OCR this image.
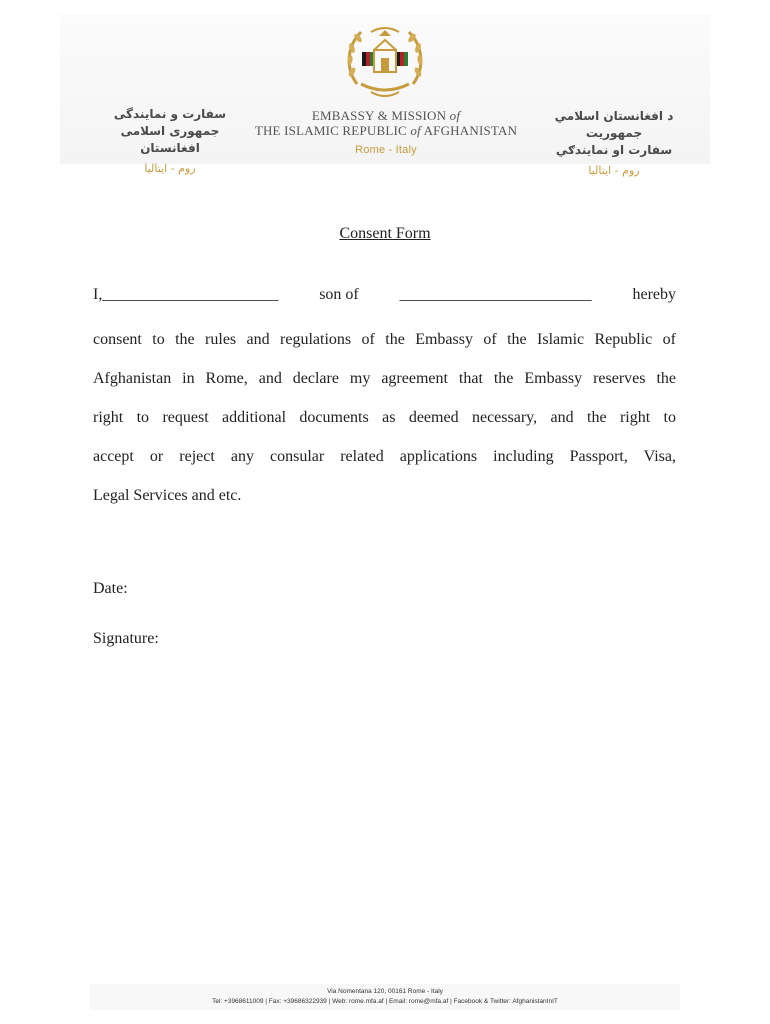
سفارت و نمایندگی
جمهوری اسلامی افغانستان
روم - ایتالیا
EMBASSY & MISSION of
THE ISLAMIC REPUBLIC of AFGHANISTAN
Rome - Italy
د افغانستان اسلامي جمهوریت
سفارت او نمایندګي
روم - ایتالیا
Consent Form
I,______________________	son of	________________________	hereby
consent to the rules and regulations of the Embassy of the Islamic Republic of
Afghanistan in Rome, and declare my agreement that the Embassy reserves the
right to request additional documents as deemed necessary, and the right to
accept or reject any consular related applications including Passport, Visa,
Legal Services and etc.
Date:
Signature:
Via Nomentana 120, 00161 Rome - Italy
Tel: +3968611009 | Fax: +39686322939 | Web: rome.mfa.af | Email: rome@mfa.af | Facebook & Twitter: AfghanistanInIT
